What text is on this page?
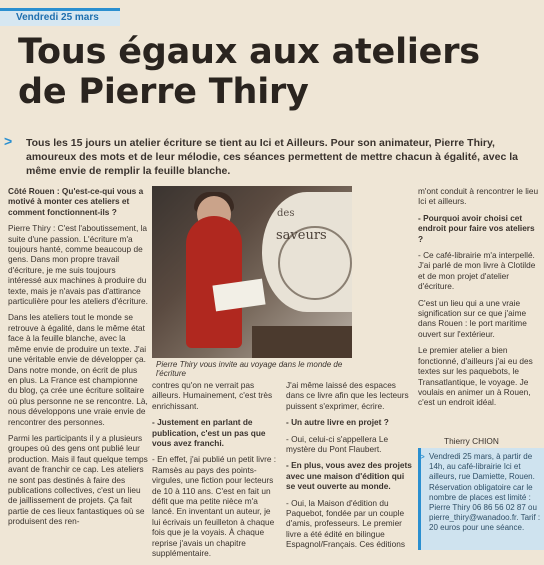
Vendredi 25 mars
Tous égaux aux ateliers
de Pierre Thiry
> Tous les 15 jours un atelier écriture se tient au Ici et Ailleurs. Pour son animateur, Pierre Thiry, amoureux des mots et de leur mélodie, ces séances permettent de mettre chacun à égalité, avec la même envie de remplir la feuille blanche.

Côté Rouen : Qu'est-ce-qui vous a motivé à monter ces ateliers et comment fonctionnent-ils ?

Pierre Thiry : C'est l'aboutissement, la suite d'une passion. L'écriture m'a toujours hanté, comme beaucoup de gens. Dans mon propre travail d'écriture, je me suis toujours intéressé aux machines à produire du texte, mais je n'avais pas d'attirance particulière pour les ateliers d'écriture.

Dans les ateliers tout le monde se retrouve à égalité, dans le même état face à la feuille blanche, avec la même envie de produire un texte. J'ai une véritable envie de développer ça. Dans notre monde, on écrit de plus en plus. La France est championne du blog, ça crée une écriture solitaire où plus personne ne se rencontre. Là, nous développons une vraie envie de rencontrer des personnes.

Parmi les participants il y a plusieurs groupes où des gens ont publié leur production. Mais il faut quelque temps avant de franchir ce cap. Les ateliers ne sont pas destinés à faire des publications collectives, c'est un lieu de jaillissement de projets. Ça fait partie de ces lieux fantastiques où se produisent des ren-

des
saveurs
Pierre Thiry vous invite au voyage dans le monde de l'écriture

contres qu'on ne verrait pas ailleurs. Humainement, c'est très enrichissant.

- Justement en parlant de publication, c'est un pas que vous avez franchi.

- En effet, j'ai publié un petit livre : Ramsès au pays des points-virgules, une fiction pour lecteurs de 10 à 110 ans. C'est en fait un défit que ma petite nièce m'a lancé. En inventant un auteur, je lui écrivais un feuilleton à chaque fois que je la voyais. À chaque reprise j'avais un chapitre supplémentaire.

J'ai même laissé des espaces dans ce livre afin que les lecteurs puissent s'exprimer, écrire.

- Un autre livre en projet ?

- Oui, celui-ci s'appellera Le mystère du Pont Flaubert.

- En plus, vous avez des projets avec une maison d'édition qui se veut ouverte au monde.

- Oui, la Maison d'édition du Paquebot, fondée par un couple d'amis, professeurs. Le premier livre a été édité en bilingue Espagnol/Français. Ces éditions

m'ont conduit à rencontrer le lieu Ici et ailleurs.

- Pourquoi avoir choisi cet endroit pour faire vos ateliers ?

- Ce café-librairie m'a interpellé. J'ai parlé de mon livre à Clotilde et de mon projet d'atelier d'écriture.

C'est un lieu qui a une vraie signification sur ce que j'aime dans Rouen : le port maritime ouvert sur l'extérieur.

Le premier atelier a bien fonctionné, d'ailleurs j'ai eu des textes sur les paquebots, le Transatlantique, le voyage. Je voulais en animer un à Rouen, c'est un endroit idéal.

Thierry CHION
> Vendredi 25 mars, à partir de 14h, au café-librairie Ici et ailleurs, rue Damiette, Rouen. Réservation obligatoire car le nombre de places est limité : Pierre Thiry 06 86 56 02 87 ou pierre_thiry@wanadoo.fr. Tarif : 20 euros pour une séance.
